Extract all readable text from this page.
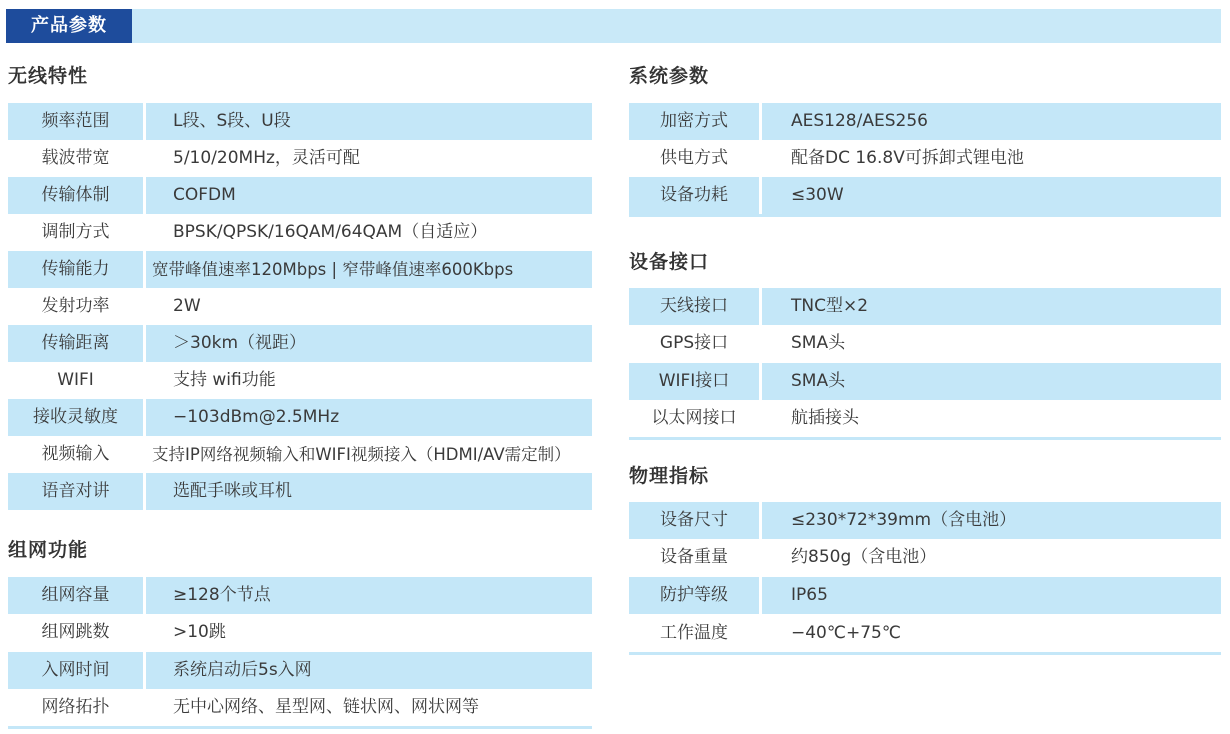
产品参数
无线特性
频率范围	L段、S段、U段
载波带宽	5/10/20MHz，灵活可配
传输体制	COFDM
调制方式	BPSK/QPSK/16QAM/64QAM（自适应）
传输能力	宽带峰值速率120Mbps | 窄带峰值速率600Kbps
发射功率	2W
传输距离	＞30km（视距）
WIFI	支持 wifi功能
接收灵敏度	−103dBm@2.5MHz
视频输入	支持IP网络视频输入和WIFI视频接入（HDMI/AV需定制）
语音对讲	选配手咪或耳机
组网功能
组网容量	≥128个节点
组网跳数	>10跳
入网时间	系统启动后5s入网
网络拓扑	无中心网络、星型网、链状网、网状网等
系统参数
加密方式	AES128/AES256
供电方式	配备DC 16.8V可拆卸式锂电池
设备功耗	≤30W
设备接口
天线接口	TNC型×2
GPS接口	SMA头
WIFI接口	SMA头
以太网接口	航插接头
物理指标
设备尺寸	≤230*72*39mm（含电池）
设备重量	约850g（含电池）
防护等级	IP65
工作温度	−40℃+75℃
